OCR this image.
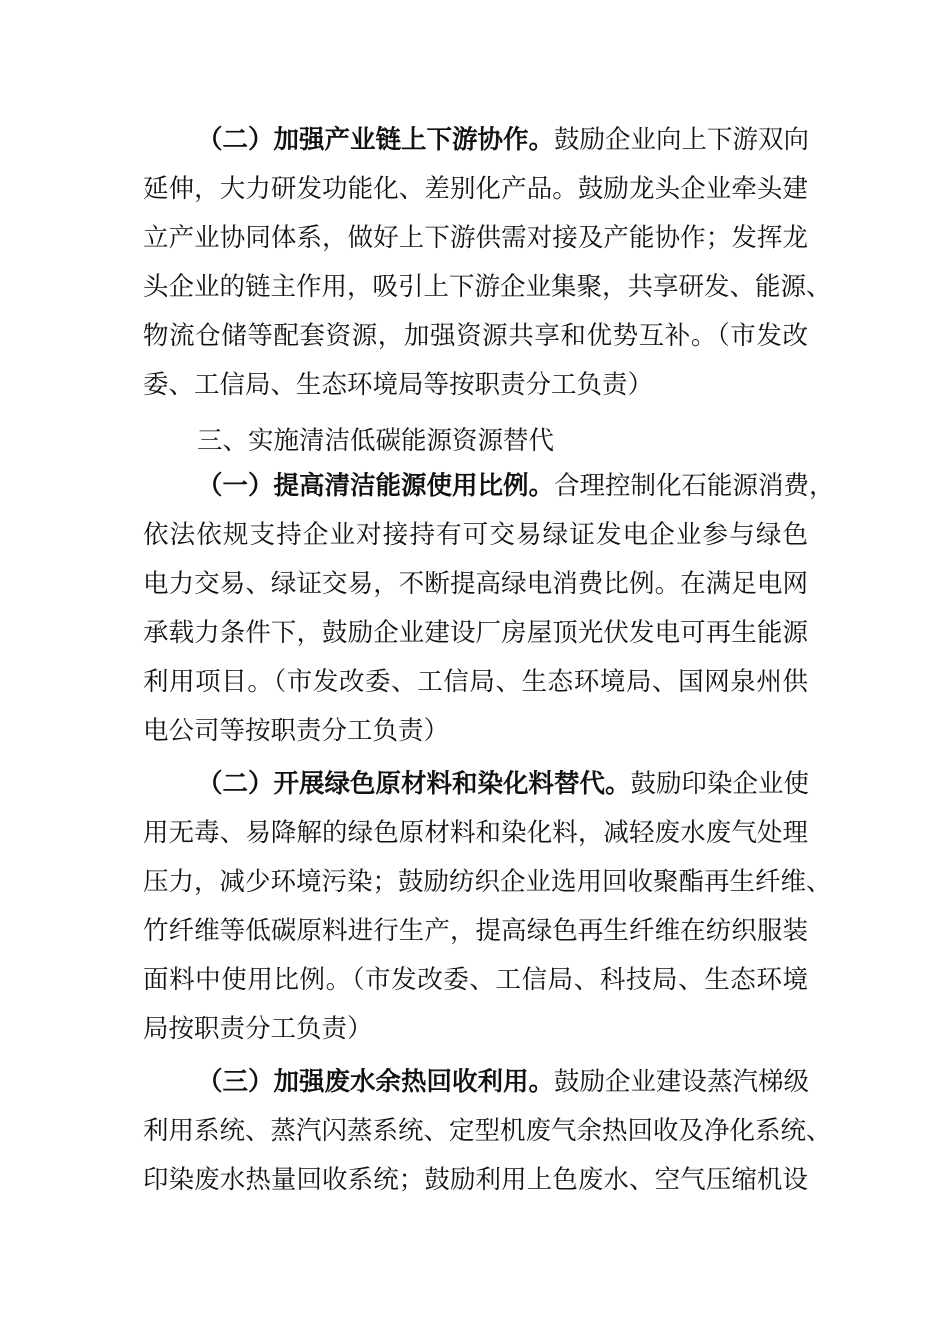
（二）加强产业链上下游协作。鼓励企业向上下游双向
延伸，大力研发功能化、差别化产品。鼓励龙头企业牵头建
立产业协同体系，做好上下游供需对接及产能协作；发挥龙
头企业的链主作用，吸引上下游企业集聚，共享研发、能源、
物流仓储等配套资源，加强资源共享和优势互补。（市发改
委、工信局、生态环境局等按职责分工负责）
三、实施清洁低碳能源资源替代
（一）提高清洁能源使用比例。合理控制化石能源消费，
依法依规支持企业对接持有可交易绿证发电企业参与绿色
电力交易、绿证交易，不断提高绿电消费比例。在满足电网
承载力条件下，鼓励企业建设厂房屋顶光伏发电可再生能源
利用项目。（市发改委、工信局、生态环境局、国网泉州供
电公司等按职责分工负责）
（二）开展绿色原材料和染化料替代。鼓励印染企业使
用无毒、易降解的绿色原材料和染化料，减轻废水废气处理
压力，减少环境污染；鼓励纺织企业选用回收聚酯再生纤维、
竹纤维等低碳原料进行生产，提高绿色再生纤维在纺织服装
面料中使用比例。（市发改委、工信局、科技局、生态环境
局按职责分工负责）
（三）加强废水余热回收利用。鼓励企业建设蒸汽梯级
利用系统、蒸汽闪蒸系统、定型机废气余热回收及净化系统、
印染废水热量回收系统；鼓励利用上色废水、空气压缩机设
